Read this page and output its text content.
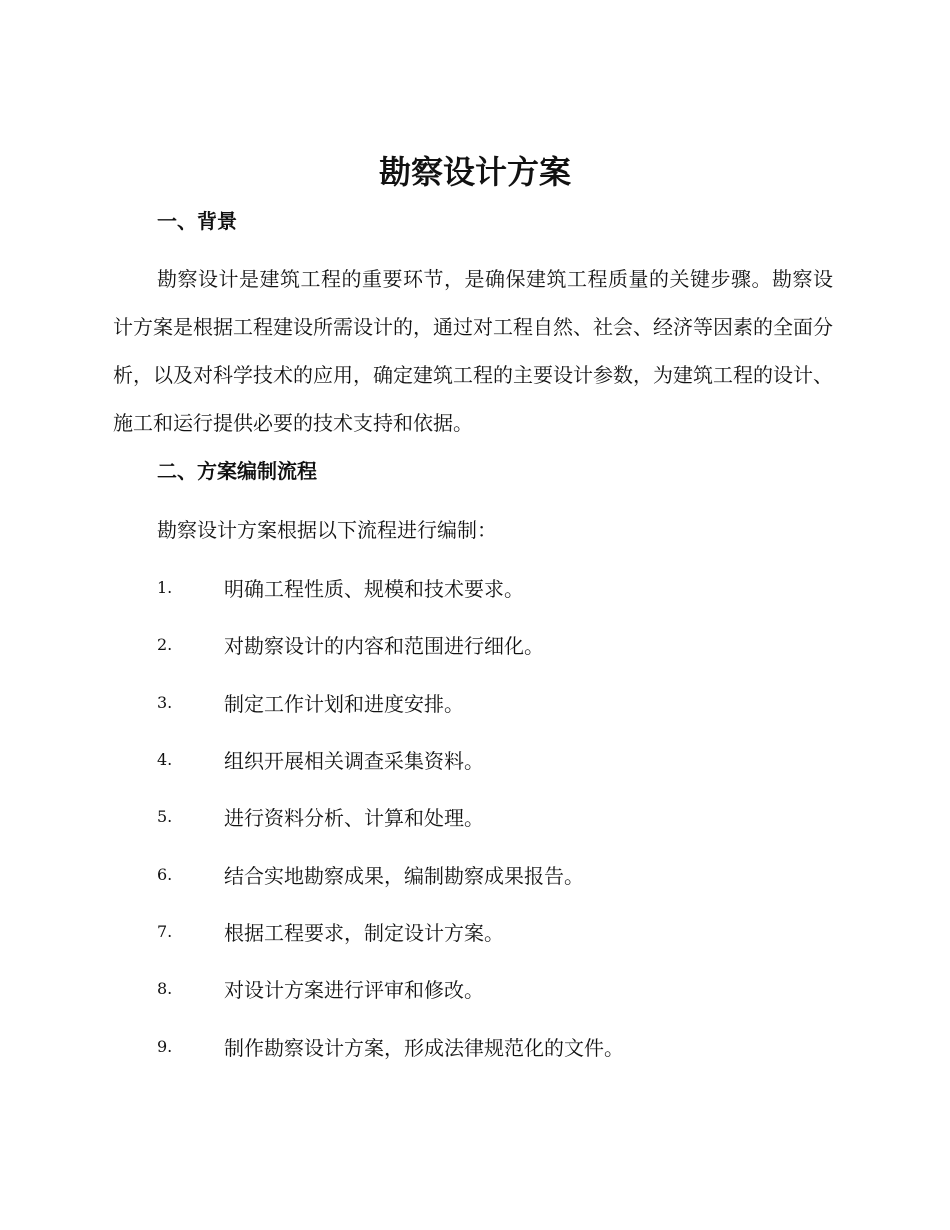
勘察设计方案
一、背景

勘察设计是建筑工程的重要环节，是确保建筑工程质量的关键步骤。勘察设计方案是根据工程建设所需设计的，通过对工程自然、社会、经济等因素的全面分析，以及对科学技术的应用，确定建筑工程的主要设计参数，为建筑工程的设计、施工和运行提供必要的技术支持和依据。

二、方案编制流程

勘察设计方案根据以下流程进行编制：

1.	明确工程性质、规模和技术要求。
2.	对勘察设计的内容和范围进行细化。
3.	制定工作计划和进度安排。
4.	组织开展相关调查采集资料。
5.	进行资料分析、计算和处理。
6.	结合实地勘察成果，编制勘察成果报告。
7.	根据工程要求，制定设计方案。
8.	对设计方案进行评审和修改。
9.	制作勘察设计方案，形成法律规范化的文件。
